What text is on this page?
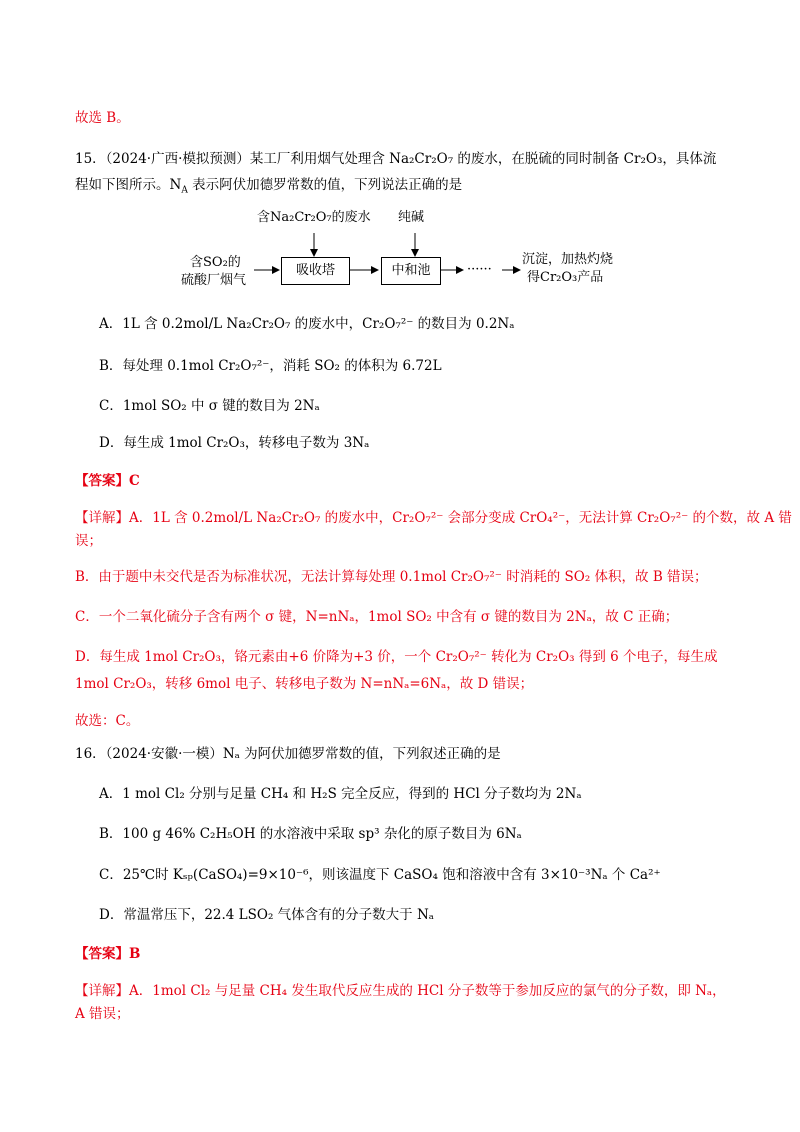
故选 B。
15．（2024·广西·模拟预测）某工厂利用烟气处理含 Na₂Cr₂O₇ 的废水，在脱硫的同时制备 Cr₂O₃，具体流
程如下图所示。$N_A$ 表示阿伏加德罗常数的值，下列说法正确的是
含Na₂Cr₂O₇的废水 纯碱
含SO₂的
硫酸厂烟气
吸收塔	中和池	······
沉淀，加热灼烧
得Cr₂O₃产品
A．1L 含 0.2mol/L Na₂Cr₂O₇ 的废水中，Cr₂O₇²⁻ 的数目为 0.2Nₐ
B．每处理 0.1mol Cr₂O₇²⁻，消耗 SO₂ 的体积为 6.72L
C．1mol SO₂ 中 σ 键的数目为 2Nₐ
D．每生成 1mol Cr₂O₃，转移电子数为 3Nₐ
【答案】C
【详解】A．1L 含 0.2mol/L Na₂Cr₂O₇ 的废水中，Cr₂O₇²⁻ 会部分变成 CrO₄²⁻，无法计算 Cr₂O₇²⁻ 的个数，故 A 错
误；
B．由于题中未交代是否为标准状况，无法计算每处理 0.1mol Cr₂O₇²⁻ 时消耗的 SO₂ 体积，故 B 错误；
C．一个二氧化硫分子含有两个 σ 键，N=nNₐ，1mol SO₂ 中含有 σ 键的数目为 2Nₐ，故 C 正确；
D．每生成 1mol Cr₂O₃，铬元素由+6 价降为+3 价，一个 Cr₂O₇²⁻ 转化为 Cr₂O₃ 得到 6 个电子，每生成
1mol Cr₂O₃，转移 6mol 电子、转移电子数为 N=nNₐ=6Nₐ，故 D 错误；
故选：C。
16．（2024·安徽·一模）Nₐ 为阿伏加德罗常数的值，下列叙述正确的是
A．1 mol Cl₂ 分别与足量 CH₄ 和 H₂S 完全反应，得到的 HCl 分子数均为 2Nₐ
B．100 g 46% C₂H₅OH 的水溶液中采取 sp³ 杂化的原子数目为 6Nₐ
C．25℃时 Kₛₚ(CaSO₄)=9×10⁻⁶，则该温度下 CaSO₄ 饱和溶液中含有 3×10⁻³Nₐ 个 Ca²⁺
D．常温常压下，22.4 LSO₂ 气体含有的分子数大于 Nₐ
【答案】B
【详解】A．1mol Cl₂ 与足量 CH₄ 发生取代反应生成的 HCl 分子数等于参加反应的氯气的分子数，即 Nₐ，
A 错误；
